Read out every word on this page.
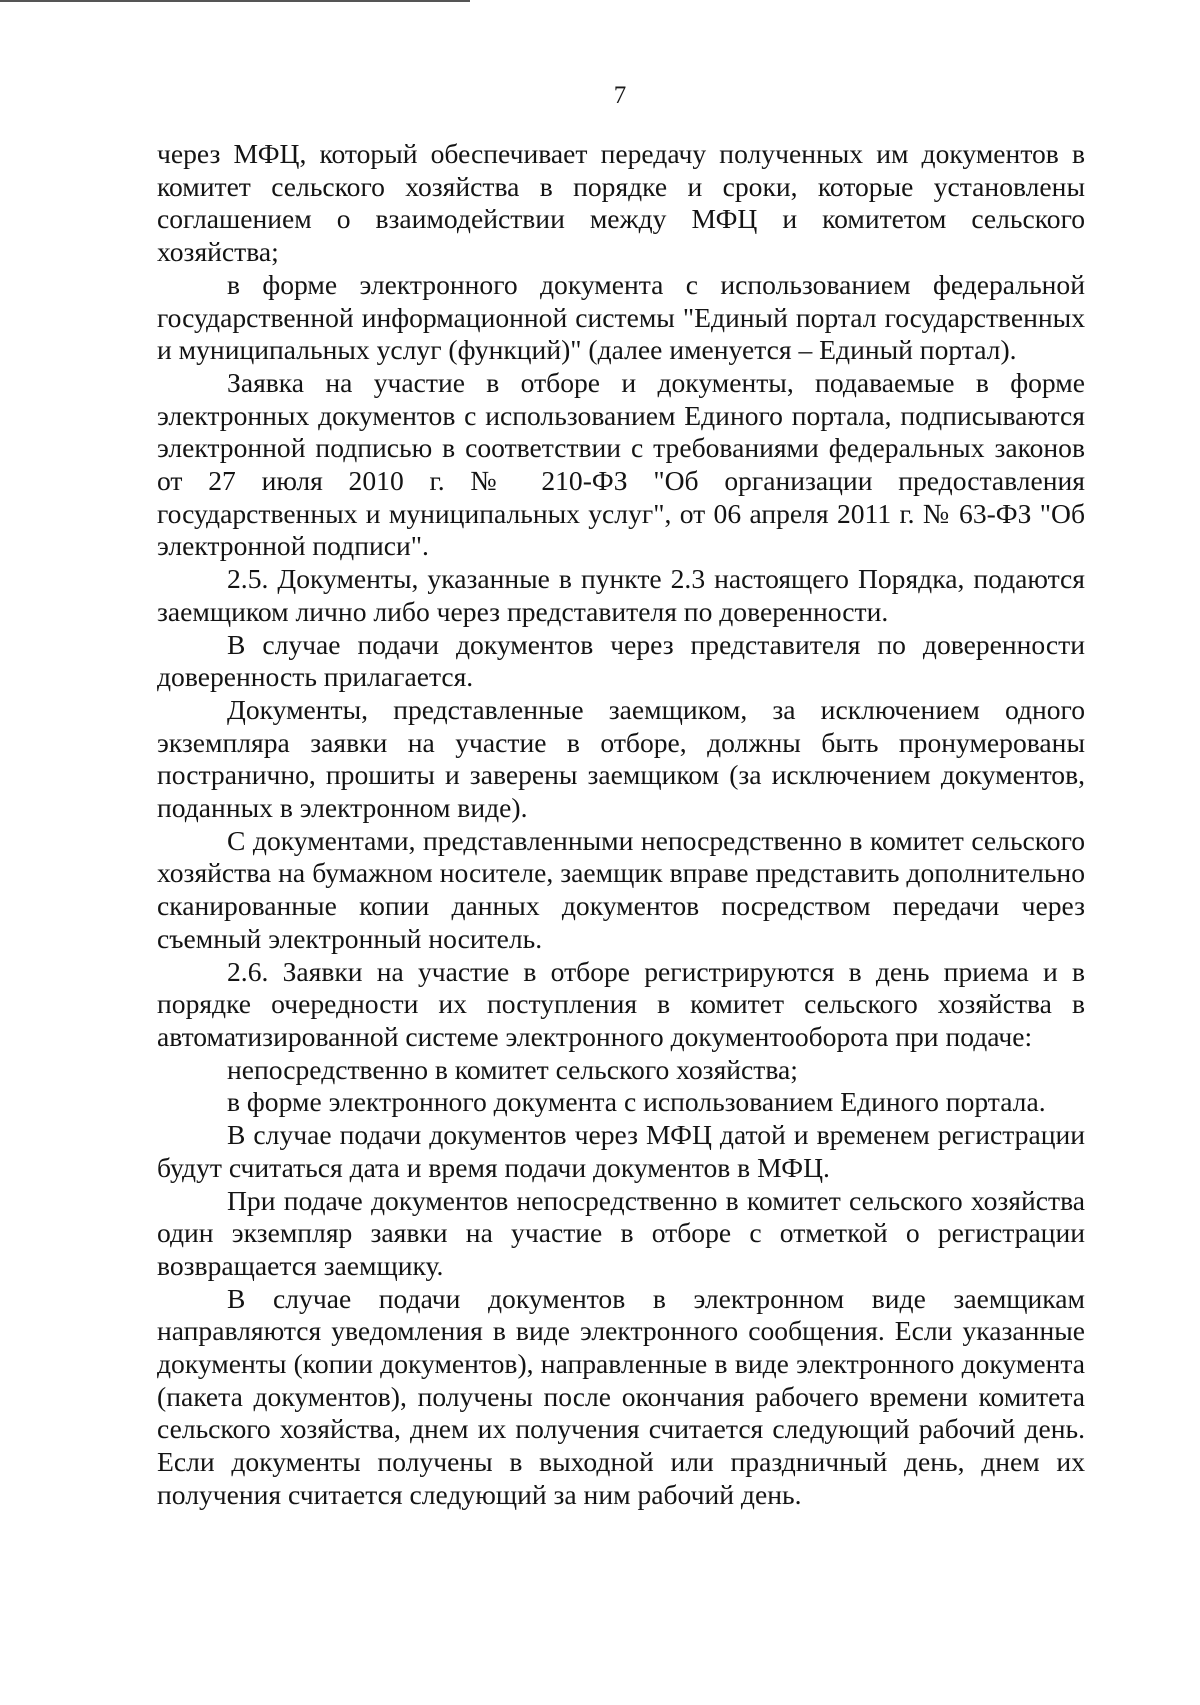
7

через МФЦ, который обеспечивает передачу полученных им документов в комитет сельского хозяйства в порядке и сроки, которые установлены соглашением о взаимодействии между МФЦ и комитетом сельского хозяйства;

в форме электронного документа с использованием федеральной государственной информационной системы "Единый портал государственных и муниципальных услуг (функций)" (далее именуется – Единый портал).

Заявка на участие в отборе и документы, подаваемые в форме электронных документов с использованием Единого портала, подписываются электронной подписью в соответствии с требованиями федеральных законов от 27 июля 2010 г. № 210-ФЗ "Об организации предоставления государственных и муниципальных услуг", от 06 апреля 2011 г. № 63-ФЗ "Об электронной подписи".

2.5. Документы, указанные в пункте 2.3 настоящего Порядка, подаются заемщиком лично либо через представителя по доверенности.

В случае подачи документов через представителя по доверенности доверенность прилагается.

Документы, представленные заемщиком, за исключением одного экземпляра заявки на участие в отборе, должны быть пронумерованы постранично, прошиты и заверены заемщиком (за исключением документов, поданных в электронном виде).

С документами, представленными непосредственно в комитет сельского хозяйства на бумажном носителе, заемщик вправе представить дополнительно сканированные копии данных документов посредством передачи через съемный электронный носитель.

2.6. Заявки на участие в отборе регистрируются в день приема и в порядке очередности их поступления в комитет сельского хозяйства в автоматизированной системе электронного документооборота при подаче:

непосредственно в комитет сельского хозяйства;

в форме электронного документа с использованием Единого портала.

В случае подачи документов через МФЦ датой и временем регистрации будут считаться дата и время подачи документов в МФЦ.

При подаче документов непосредственно в комитет сельского хозяйства один экземпляр заявки на участие в отборе с отметкой о регистрации возвращается заемщику.

В случае подачи документов в электронном виде заемщикам направляются уведомления в виде электронного сообщения. Если указанные документы (копии документов), направленные в виде электронного документа (пакета документов), получены после окончания рабочего времени комитета сельского хозяйства, днем их получения считается следующий рабочий день. Если документы получены в выходной или праздничный день, днем их получения считается следующий за ним рабочий день.
